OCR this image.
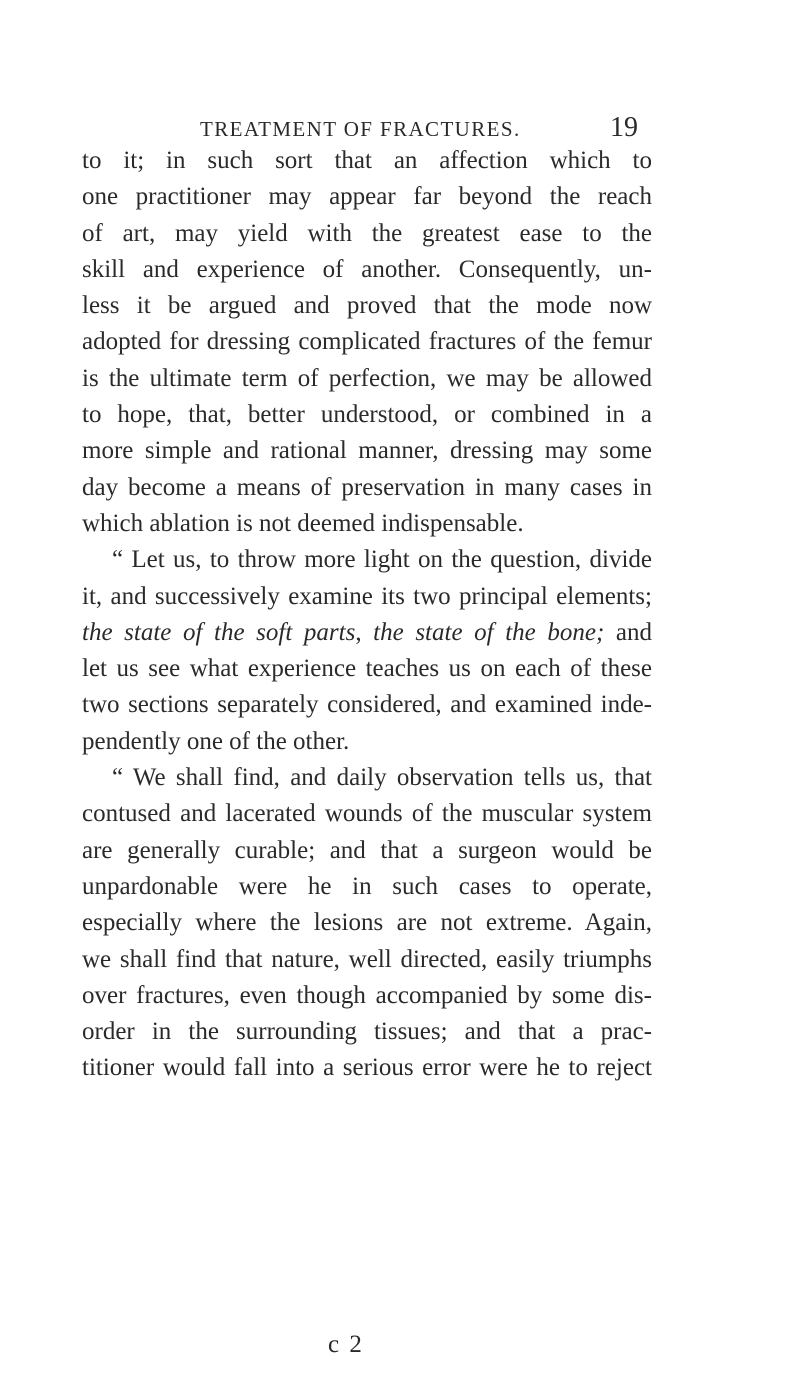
TREATMENT OF FRACTURES.	19
to it; in such sort that an affection which to
one practitioner may appear far beyond the reach
of art, may yield with the greatest ease to the
skill and experience of another. Consequently, un-
less it be argued and proved that the mode now
adopted for dressing complicated fractures of the femur
is the ultimate term of perfection, we may be allowed
to hope, that, better understood, or combined in a
more simple and rational manner, dressing may some
day become a means of preservation in many cases in
which ablation is not deemed indispensable.
“ Let us, to throw more light on the question, divide
it, and successively examine its two principal elements;
the state of the soft parts, the state of the bone; and
let us see what experience teaches us on each of these
two sections separately considered, and examined inde-
pendently one of the other.
“ We shall find, and daily observation tells us, that
contused and lacerated wounds of the muscular system
are generally curable; and that a surgeon would be
unpardonable were he in such cases to operate,
especially where the lesions are not extreme. Again,
we shall find that nature, well directed, easily triumphs
over fractures, even though accompanied by some dis-
order in the surrounding tissues; and that a prac-
titioner would fall into a serious error were he to reject
c 2
